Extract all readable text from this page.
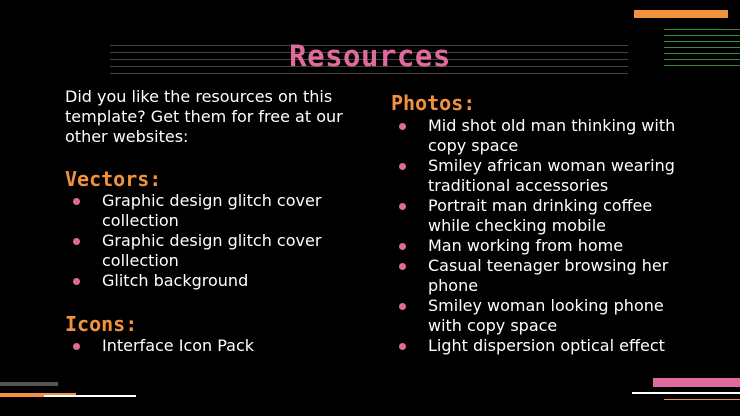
Resources
Did you like the resources on this template? Get them for free at our other websites:
Vectors:
Graphic design glitch cover collection
Graphic design glitch cover collection
Glitch background
Icons:
Interface Icon Pack
Photos:
Mid shot old man thinking with copy space
Smiley african woman wearing traditional accessories
Portrait man drinking coffee while checking mobile
Man working from home
Casual teenager browsing her phone
Smiley woman looking phone with copy space
Light dispersion optical effect
